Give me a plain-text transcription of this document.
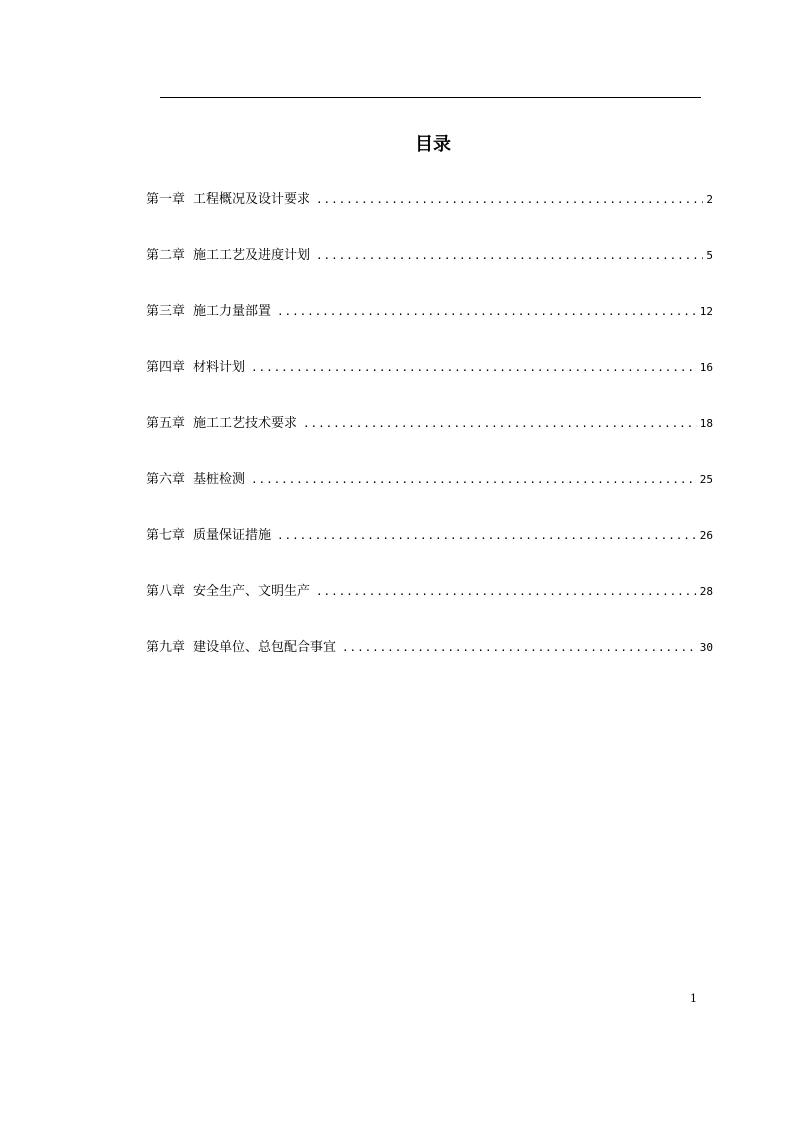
目录
第一章 工程概况及设计要求 .....	2
第二章 施工工艺及进度计划 .....	5
第三章 施工力量部置 .....	12
第四章 材料计划 .....	16
第五章 施工工艺技术要求 .....	18
第六章 基桩检测 .....	25
第七章 质量保证措施 .....	26
第八章 安全生产、文明生产 .....	28
第九章 建设单位、总包配合事宜 .....	30
1
